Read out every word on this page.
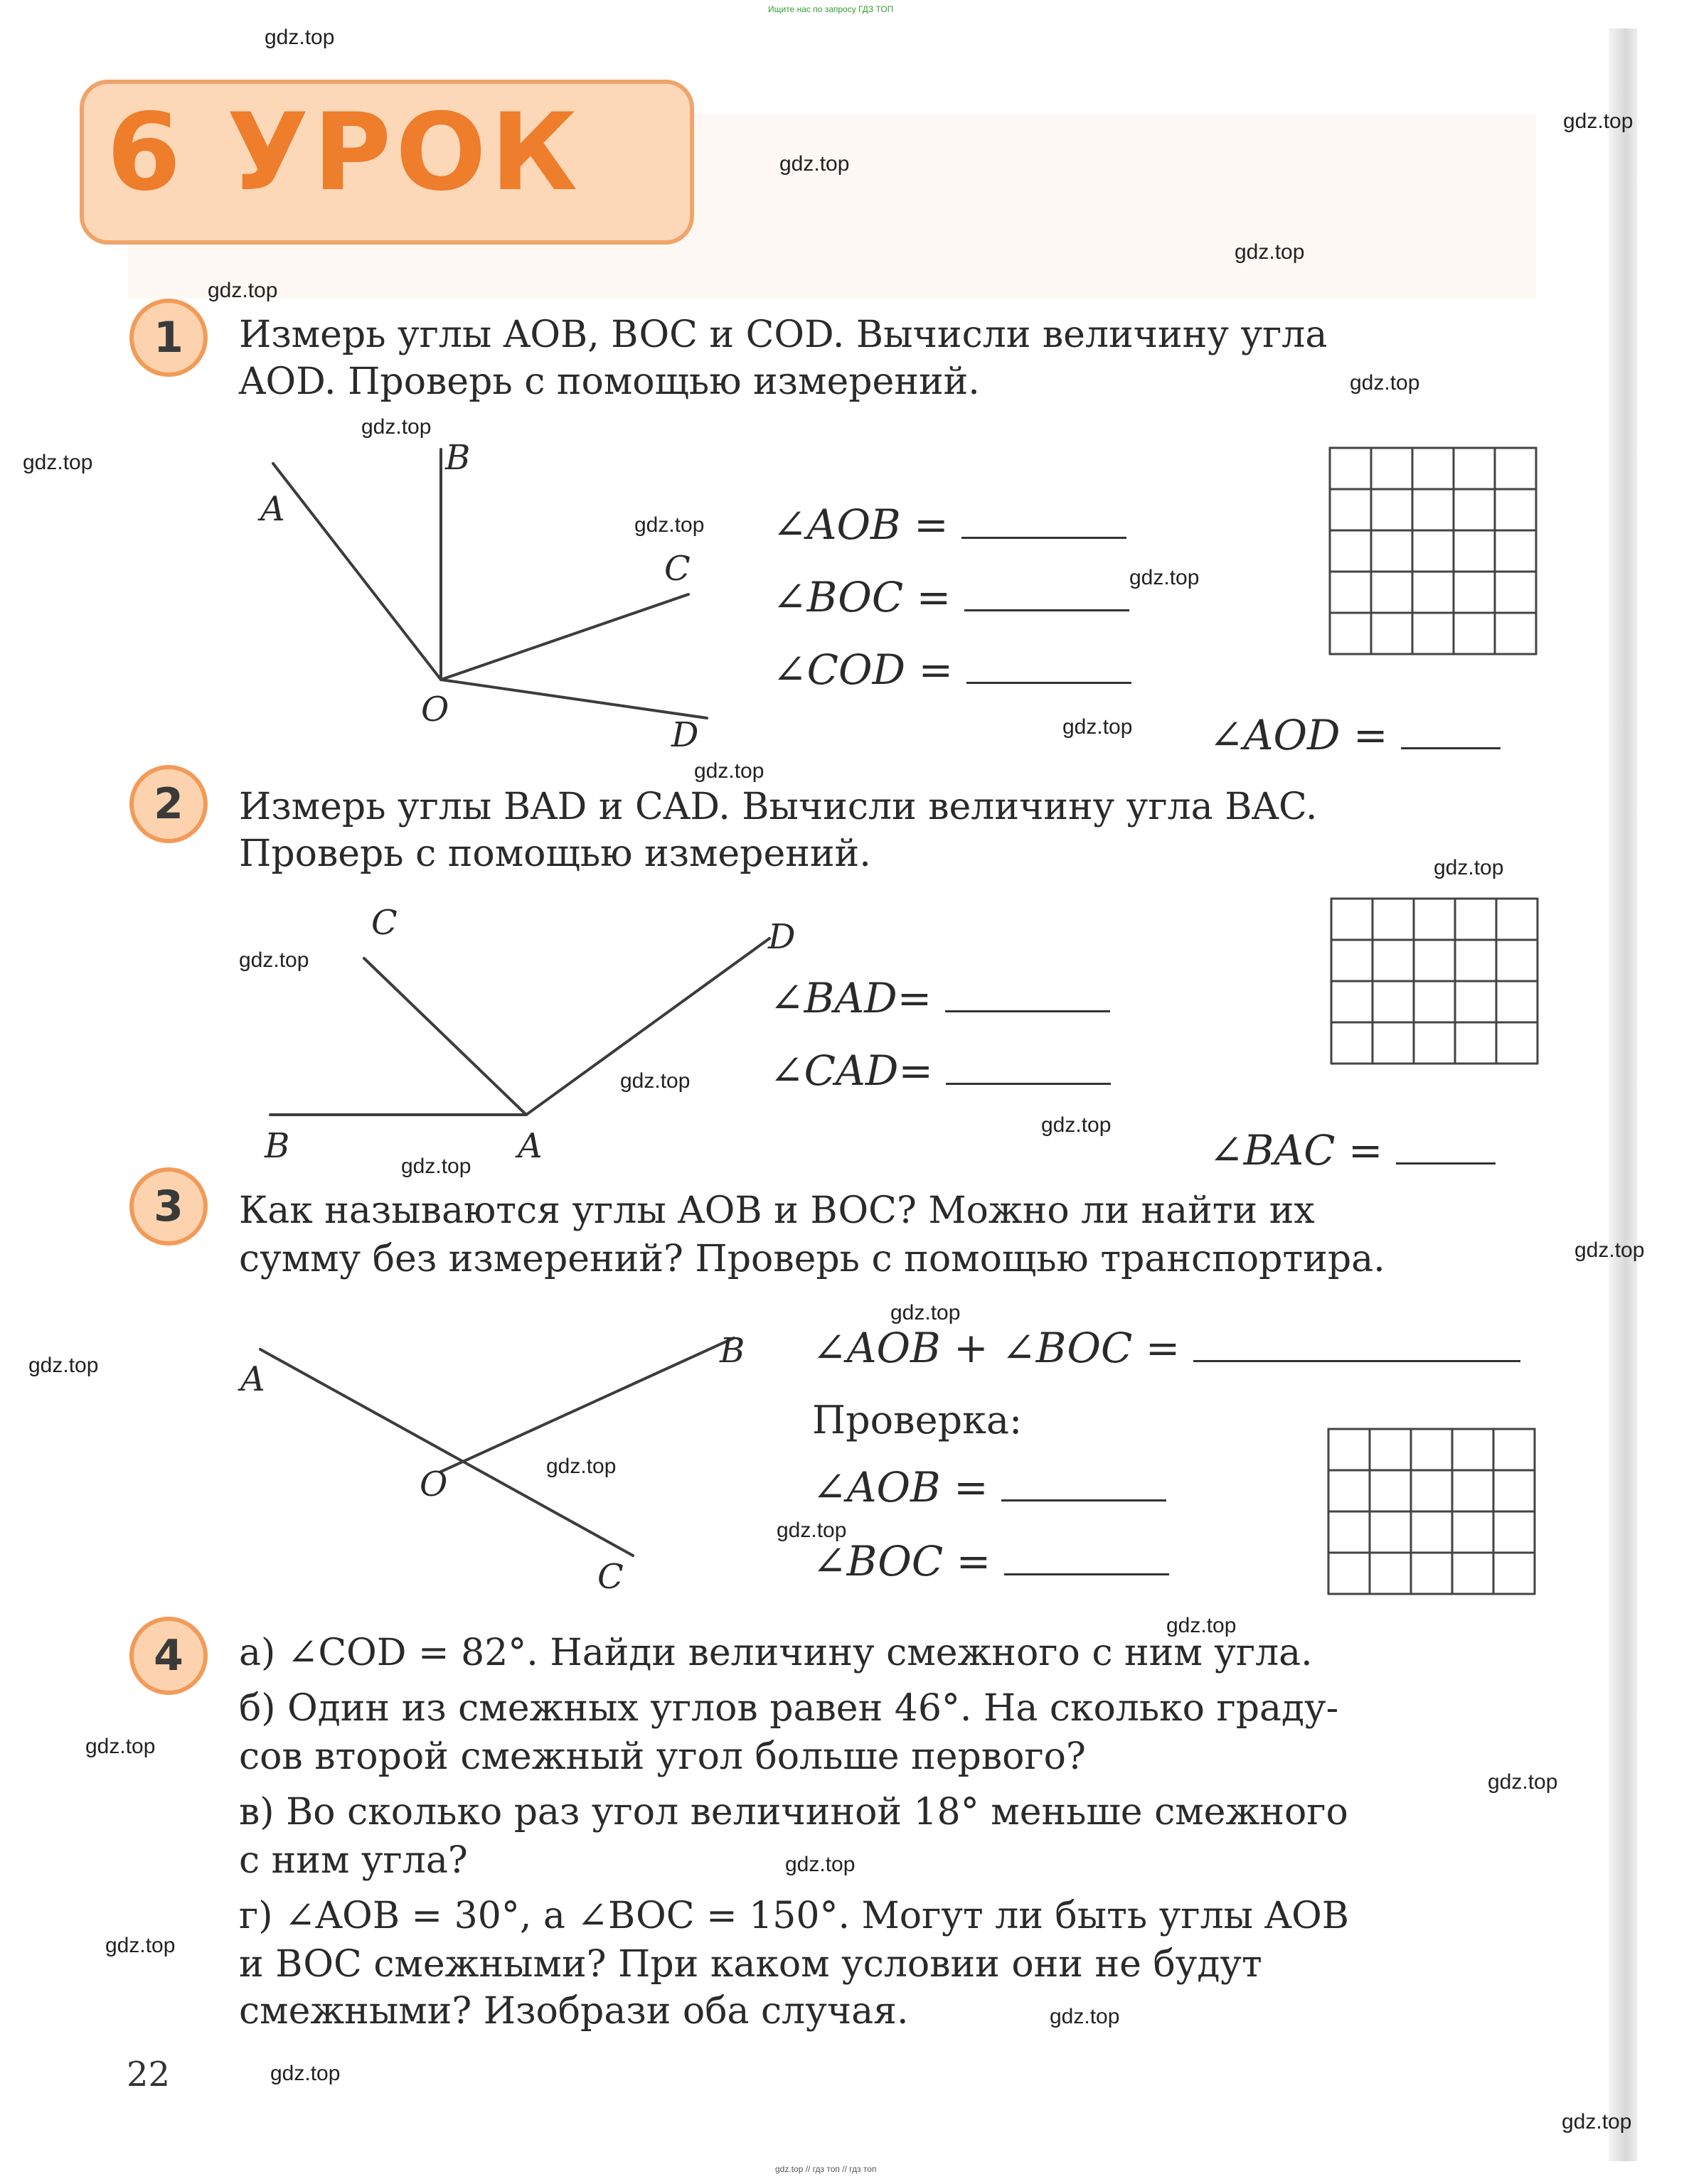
Ищите нас по запросу ГДЗ ТОП
gdz.top // гдз топ // гдз топ
6 УРОК
1	Измерь углы AOB, BOC и COD. Вычисли величину угла
AOD. Проверь с помощью измерений.
A
B
C
O
D
∠AOB =
∠BOC =
∠COD =
∠AOD =
2	Измерь углы BAD и CAD. Вычисли величину угла BAC.
Проверь с помощью измерений.
C	D
B	A
∠BAD=
∠CAD=
∠BAC =
3	Как называются углы AOB и BOC? Можно ли найти их
сумму без измерений? Проверь с помощью транспортира.
A
B
O
C
∠AOB + ∠BOC =
Проверка:
∠AOB =
∠BOC =
4	а) ∠COD = 82°. Найди величину смежного с ним угла.
б) Один из смежных углов равен 46°. На сколько граду-
сов второй смежный угол больше первого?
в) Во сколько раз угол величиной 18° меньше смежного
с ним угла?
г) ∠AOB = 30°, а ∠BOC = 150°. Могут ли быть углы AOB
и BOC смежными? При каком условии они не будут
смежными? Изобрази оба случая.
22
gdz.top
gdz.top
gdz.top
gdz.top
gdz.top
gdz.top
gdz.top
gdz.top
gdz.top
gdz.top
gdz.top
gdz.top
gdz.top
gdz.top
gdz.top
gdz.top
gdz.top
gdz.top
gdz.top
gdz.top
gdz.top
gdz.top
gdz.top
gdz.top
gdz.top
gdz.top
gdz.top
gdz.top
gdz.top
gdz.top
